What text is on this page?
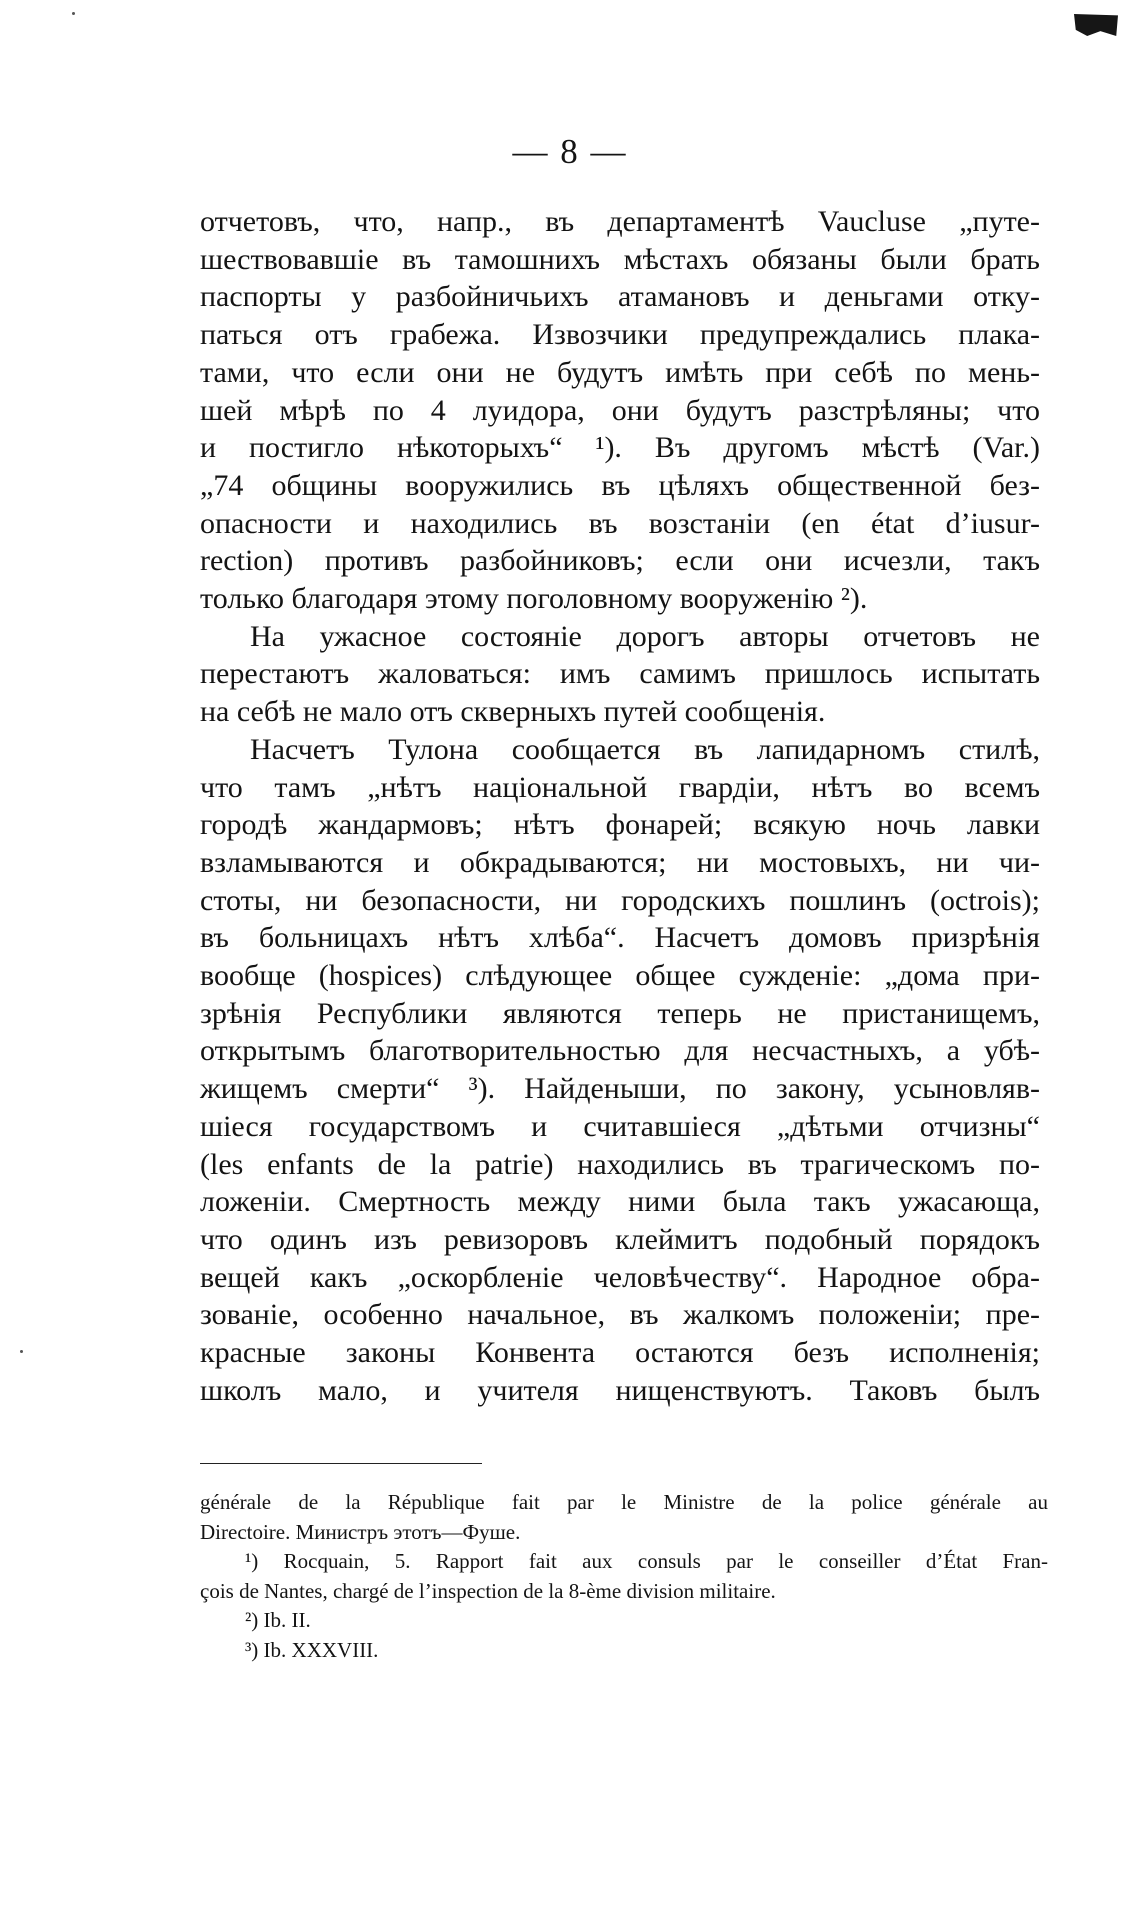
— 8 —

отчетовъ, что, напр., въ департаментѣ Vaucluse „путе-
шествовавшіе въ тамошнихъ мѣстахъ обязаны были брать
паспорты у разбойничьихъ атамановъ и деньгами отку-
паться отъ грабежа. Извозчики предупреждались плака-
тами, что если они не будутъ имѣть при себѣ по мень-
шей мѣрѣ по 4 луидора, они будутъ разстрѣляны; что
и постигло нѣкоторыхъ“ ¹). Въ другомъ мѣстѣ (Var.)
„74 общины вооружились въ цѣляхъ общественной без-
опасности и находились въ возстаніи (en état d’iusur-
rection) противъ разбойниковъ; если они исчезли, такъ
только благодаря этому поголовному вооруженію ²).

На ужасное состояніе дорогъ авторы отчетовъ не
перестаютъ жаловаться: имъ самимъ пришлось испытать
на себѣ не мало отъ скверныхъ путей сообщенія.

Насчетъ Тулона сообщается въ лапидарномъ стилѣ,
что тамъ „нѣтъ національной гвардіи, нѣтъ во всемъ
городѣ жандармовъ; нѣтъ фонарей; всякую ночь лавки
взламываются и обкрадываются; ни мостовыхъ, ни чи-
стоты, ни безопасности, ни городскихъ пошлинъ (octrois);
въ больницахъ нѣтъ хлѣба“. Насчетъ домовъ призрѣнія
вообще (hospices) слѣдующее общее сужденіе: „дома при-
зрѣнія Республики являются теперь не пристанищемъ,
открытымъ благотворительностью для несчастныхъ, а убѣ-
жищемъ смерти“ ³). Найденыши, по закону, усыновляв-
шіеся государствомъ и считавшіеся „дѣтьми отчизны“
(les enfants de la patrie) находились въ трагическомъ по-
ложеніи. Смертность между ними была такъ ужасающа,
что одинъ изъ ревизоровъ клеймитъ подобный порядокъ
вещей какъ „оскорбленіе человѣчеству“. Народное обра-
зованіе, особенно начальное, въ жалкомъ положеніи; пре-
красные законы Конвента остаются безъ исполненія;
школъ мало, и учителя нищенствуютъ. Таковъ былъ

générale de la République fait par le Ministre de la police générale au
Directoire. Министръ этотъ—Фуше.
¹) Rocquain, 5. Rapport fait aux consuls par le conseiller d’État Fran-
çois de Nantes, chargé de l’inspection de la 8-ème division militaire.
²) Ib. II.
³) Ib. XXXVIII.
